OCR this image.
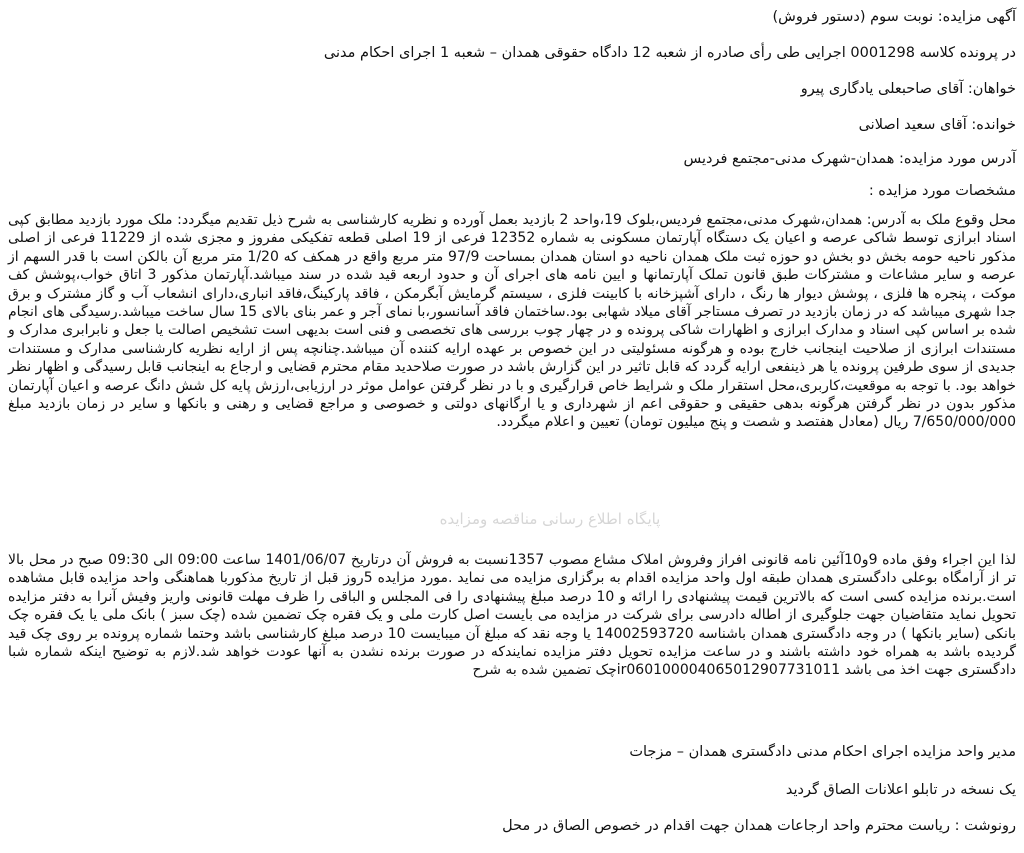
آگهی مزایده: نوبت سوم (دستور فروش)
در پرونده کلاسه 0001298 اجرایی طی رأی صادره از شعبه 12 دادگاه حقوقی همدان – شعبه 1 اجرای احکام مدنی
خواهان: آقای صاحبعلی یادگاری پیرو
خوانده: آقای سعید اصلانی
آدرس مورد مزایده: همدان-شهرک مدنی-مجتمع فردیس
مشخصات مورد مزایده :
محل وقوع ملک به آدرس: همدان،شهرک مدنی،مجتمع فردیس،بلوک 19،واحد 2 بازدید بعمل آورده و نظریه کارشناسی به شرح ذیل تقدیم میگردد: ملک مورد بازدید مطابق کپی اسناد ابرازی توسط شاکی عرصه و اعیان یک دستگاه آپارتمان مسکونی به شماره 12352 فرعی از 19 اصلی قطعه تفکیکی مفروز و مجزی شده از 11229 فرعی از اصلی مذکور ناحیه حومه بخش دو بخش دو حوزه ثبت ملک همدان ناحیه دو استان همدان بمساحت 97/9 متر مربع واقع در همکف که 1/20 متر مربع آن بالکن است با قدر السهم از عرصه و سایر مشاعات و مشترکات طبق قانون تملک آپارتمانها و ایین نامه های اجرای آن و حدود اربعه قید شده در سند میباشد.آپارتمان مذکور 3 اتاق خواب،پوشش کف موکت ، پنجره ها فلزی ، پوشش دیوار ها رنگ ، دارای آشپزخانه با کابینت فلزی ، سیستم گرمایش آبگرمکن ، فاقد پارکینگ،فاقد انباری،دارای انشعاب آب و گاز مشترک و برق جدا شهری میباشد که در زمان بازدید در تصرف مستاجر آقای میلاد شهابی بود.ساختمان فاقد آسانسور،با نمای آجر و عمر بنای بالای 15 سال ساخت میباشد.رسیدگی های انجام شده بر اساس کپی اسناد و مدارک ابرازی و اظهارات شاکی پرونده و در چهار چوب بررسی های تخصصی و فنی است بدیهی است تشخیص اصالت یا جعل و نابرابری مدارک و مستندات ابرازی از صلاحیت اینجانب خارج بوده و هرگونه مسئولیتی در این خصوص بر عهده ارایه کننده آن میباشد.چنانچه پس از ارایه نظریه کارشناسی مدارک و مستندات جدیدی از سوی طرفین پرونده یا هر ذینفعی ارایه گردد که قابل تاثیر در این گزارش باشد در صورت صلاحدید مقام محترم قضایی و ارجاع به اینجانب قابل رسیدگی و اظهار نظر خواهد بود. با توجه به موقعیت،کاربری،محل استقرار ملک و شرایط خاص قرارگیری و با در نظر گرفتن عوامل موثر در ارزیابی،ارزش پایه کل شش دانگ عرصه و اعیان آپارتمان مذکور بدون در نظر گرفتن هرگونه بدهی حقیقی و حقوقی اعم از شهرداری و یا ارگانهای دولتی و خصوصی و مراجع قضایی و رهنی و بانکها و سایر در زمان بازدید مبلغ 7/650/000/000 ریال (معادل هفتصد و شصت و پنج میلیون تومان) تعیین و اعلام میگردد.
پایگاه اطلاع رسانی مناقصه ومزایده
لذا این اجراء وفق ماده 9و10آئین نامه قانونی افراز وفروش املاک مشاع مصوب 1357نسبت به فروش آن درتاریخ 1401/06/07 ساعت 09:00 الی 09:30 صبح در محل بالا تر از آرامگاه بوعلی دادگستری همدان طبقه اول واحد مزایده اقدام به برگزاری مزایده می نماید .مورد مزایده 5روز قبل از تاریخ مذکوربا هماهنگی واحد مزایده قابل مشاهده است.برنده مزایده کسی است که بالاترین قیمت پیشنهادی را ارائه و 10 درصد مبلغ پیشنهادی را فی المجلس و الباقی را ظرف مهلت قانونی واریز وفیش آنرا به دفتر مزایده تحویل نماید متقاضیان جهت جلوگیری از اطاله دادرسی برای شرکت در مزایده می بایست اصل کارت ملی و یک فقره چک تضمین شده (چک سبز ) بانک ملی یا یک فقره چک بانکی (سایر بانکها ) در وجه دادگستری همدان باشناسه 14002593720 یا وجه نقد که مبلغ آن میبایست 10 درصد مبلغ کارشناسی باشد وحتما شماره پرونده بر روی چک قید گردیده باشد به همراه خود داشته باشند و در ساعت مزایده تحویل دفتر مزایده نمایندکه در صورت برنده نشدن به آنها عودت خواهد شد.لازم به توضیح اینکه شماره شبا دادگستری جهت اخذ می باشد ir060100004065012907731011چک تضمین شده به شرح
مدیر واحد مزایده اجرای احکام مدنی دادگستری همدان – مزجات
یک نسخه در تابلو اعلانات الصاق گردید
رونوشت : ریاست محترم واحد ارجاعات همدان جهت اقدام در خصوص الصاق در محل
